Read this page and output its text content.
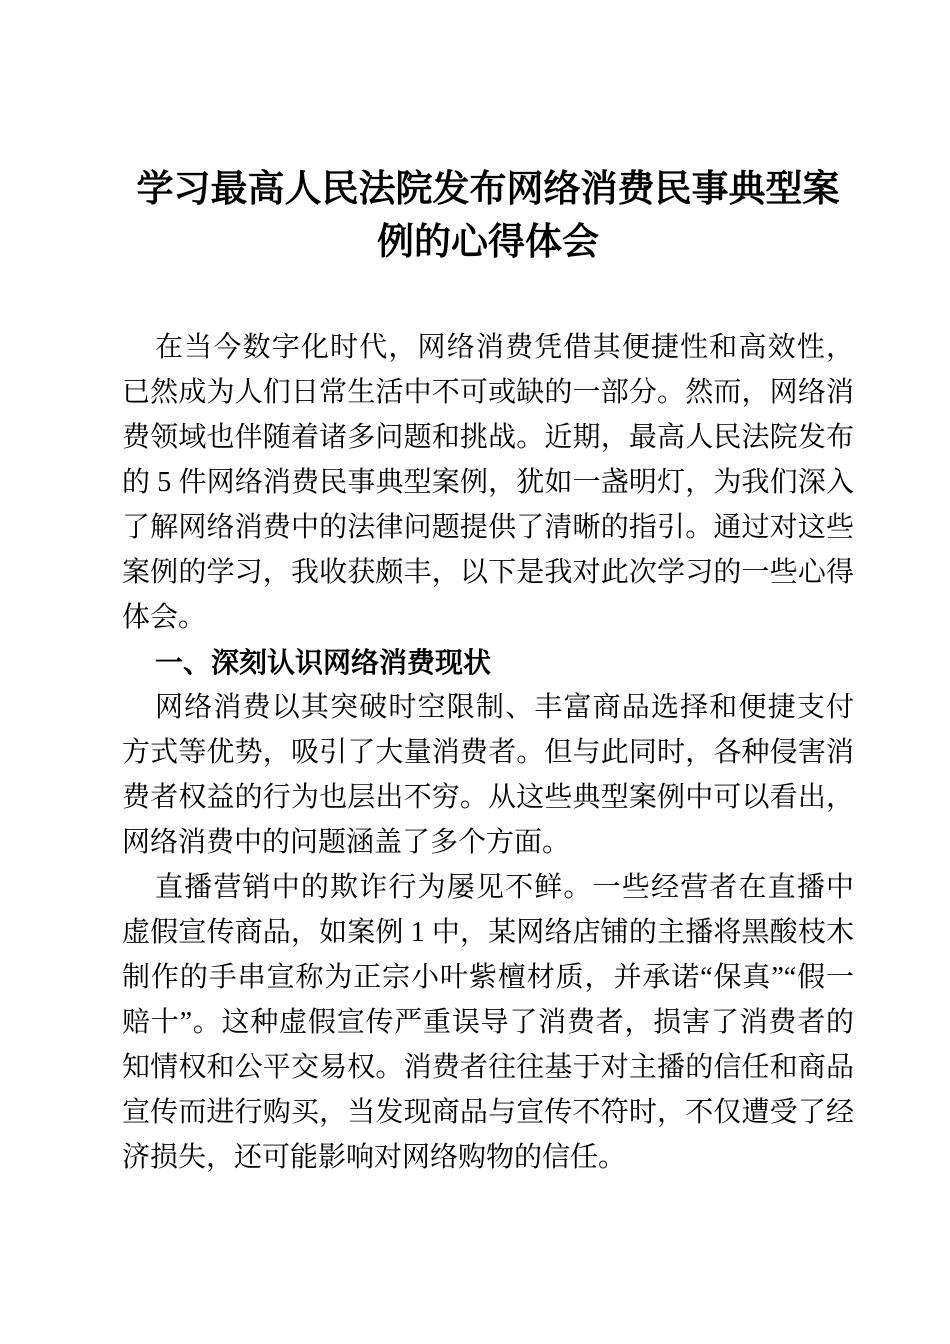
学习最高人民法院发布网络消费民事典型案例的心得体会

在当今数字化时代，网络消费凭借其便捷性和高效性，已然成为人们日常生活中不可或缺的一部分。然而，网络消费领域也伴随着诸多问题和挑战。近期，最高人民法院发布的 5 件网络消费民事典型案例，犹如一盏明灯，为我们深入了解网络消费中的法律问题提供了清晰的指引。通过对这些案例的学习，我收获颇丰，以下是我对此次学习的一些心得体会。

一、深刻认识网络消费现状

网络消费以其突破时空限制、丰富商品选择和便捷支付方式等优势，吸引了大量消费者。但与此同时，各种侵害消费者权益的行为也层出不穷。从这些典型案例中可以看出，网络消费中的问题涵盖了多个方面。

直播营销中的欺诈行为屡见不鲜。一些经营者在直播中虚假宣传商品，如案例 1 中，某网络店铺的主播将黑酸枝木制作的手串宣称为正宗小叶紫檀材质，并承诺“保真”“假一赔十”。这种虚假宣传严重误导了消费者，损害了消费者的知情权和公平交易权。消费者往往基于对主播的信任和商品宣传而进行购买，当发现商品与宣传不符时，不仅遭受了经济损失，还可能影响对网络购物的信任。
